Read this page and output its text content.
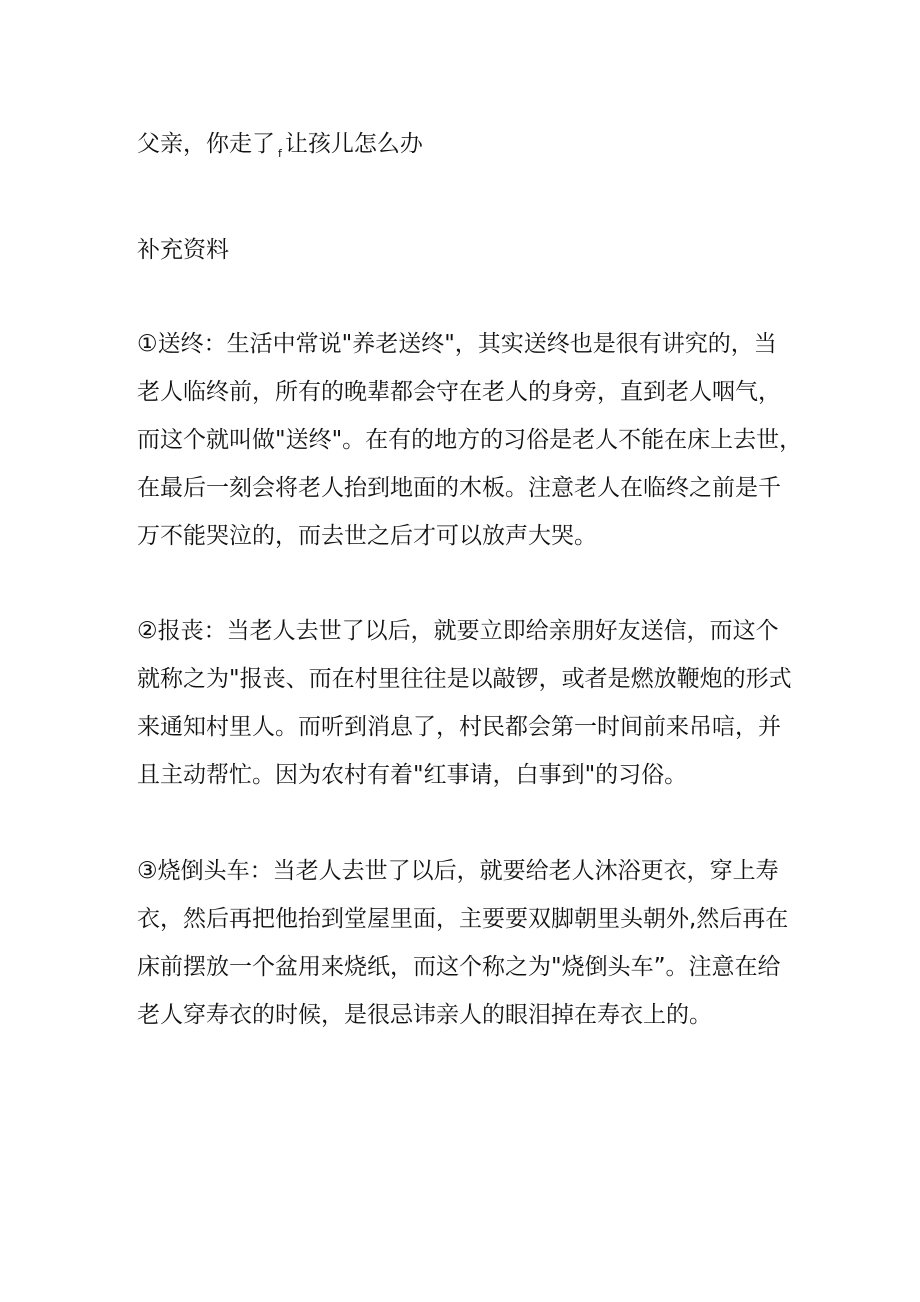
父亲，你走了 $_f$ 让孩儿怎么办
补充资料
①送终：生活中常说"养老送终"，其实送终也是很有讲究的，当
老人临终前，所有的晚辈都会守在老人的身旁，直到老人咽气，
而这个就叫做"送终"。在有的地方的习俗是老人不能在床上去世，
在最后一刻会将老人抬到地面的木板。注意老人在临终之前是千
万不能哭泣的，而去世之后才可以放声大哭。
②报丧：当老人去世了以后，就要立即给亲朋好友送信，而这个
就称之为"报丧、而在村里往往是以敲锣，或者是燃放鞭炮的形式
来通知村里人。而听到消息了，村民都会第一时间前来吊唁，并
且主动帮忙。因为农村有着"红事请，白事到"的习俗。
③烧倒头车：当老人去世了以后，就要给老人沐浴更衣，穿上寿
衣，然后再把他抬到堂屋里面，主要要双脚朝里头朝外,然后再在
床前摆放一个盆用来烧纸，而这个称之为"烧倒头车”。注意在给
老人穿寿衣的时候，是很忌讳亲人的眼泪掉在寿衣上的。
